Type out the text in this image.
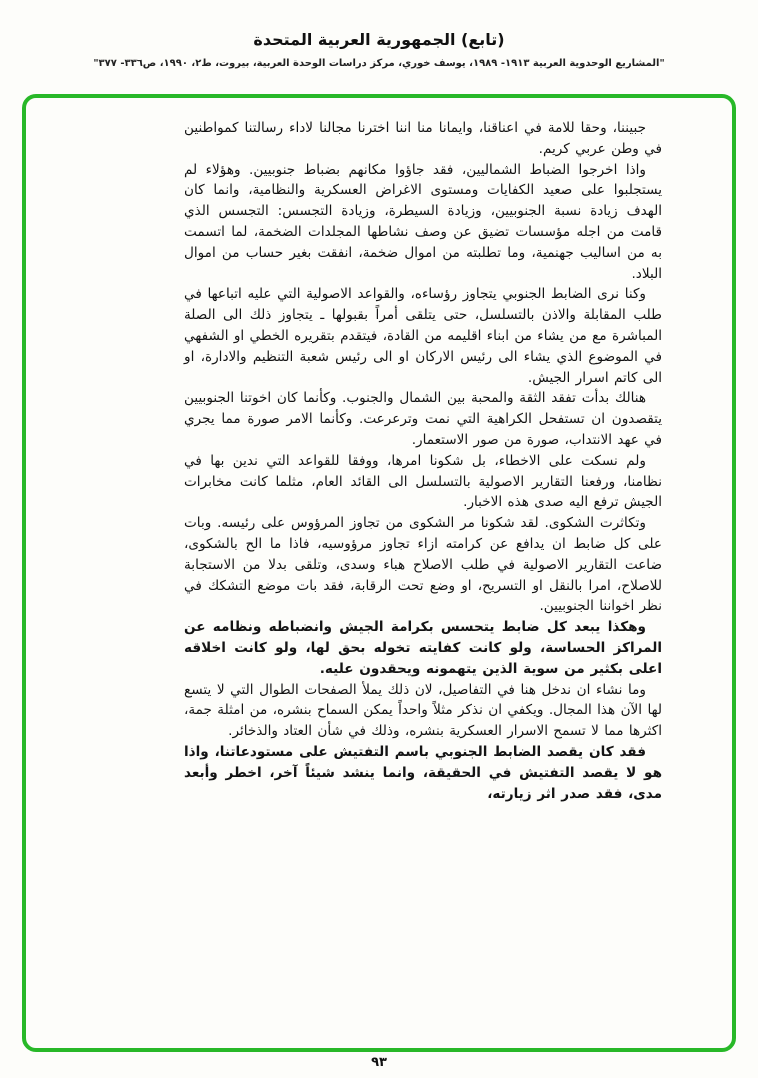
(تابع) الجمهورية العربية المتحدة
"المشاريع الوحدوية العربية ١٩١٣- ١٩٨٩، يوسف خوري، مركز دراسات الوحدة العربية، بيروت، ط٢، ١٩٩٠، ص٣٣٦- ٣٧٧"

جبيننا، وحقا للامة في اعناقنا، وايمانا منا اننا اخترنا مجالنا لاداء رسالتنا كمواطنين في وطن عربي كريم.

واذا اخرجوا الضباط الشماليين، فقد جاؤوا مكانهم بضباط جنوبيين. وهؤلاء لم يستجلبوا على صعيد الكفايات ومستوى الاغراض العسكرية والنظامية، وانما كان الهدف زيادة نسبة الجنوبيين، وزيادة السيطرة، وزيادة التجسس: التجسس الذي قامت من اجله مؤسسات تضيق عن وصف نشاطها المجلدات الضخمة، لما اتسمت به من اساليب جهنمية، وما تطلبته من اموال ضخمة، انفقت بغير حساب من اموال البلاد.

وكنا نرى الضابط الجنوبي يتجاوز رؤساءه، والقواعد الاصولية التي عليه اتباعها في طلب المقابلة والاذن بالتسلسل، حتى يتلقى أمراً بقبولها ـ يتجاوز ذلك الى الصلة المباشرة مع من يشاء من ابناء اقليمه من القادة، فيتقدم بتقريره الخطي او الشفهي في الموضوع الذي يشاء الى رئيس الاركان او الى رئيس شعبة التنظيم والادارة، او الى كاتم اسرار الجيش.

هنالك بدأت تفقد الثقة والمحبة بين الشمال والجنوب. وكأنما كان اخوتنا الجنوبيين يتقصدون ان تستفحل الكراهية التي نمت وترعرعت. وكأنما الامر صورة مما يجري في عهد الانتداب، صورة من صور الاستعمار.

ولم نسكت على الاخطاء، بل شكونا امرها، ووفقا للقواعد التي ندين بها في نظامنا، ورفعنا التقارير الاصولية بالتسلسل الى القائد العام، مثلما كانت مخابرات الجيش ترفع اليه صدى هذه الاخبار.

وتكاثرت الشكوى. لقد شكونا مر الشكوى من تجاوز المرؤوس على رئيسه. وبات على كل ضابط ان يدافع عن كرامته ازاء تجاوز مرؤوسيه، فاذا ما الح بالشكوى، ضاعت التقارير الاصولية في طلب الاصلاح هباء وسدى، وتلقى بدلا من الاستجابة للاصلاح، امرا بالنقل او التسريح، او وضع تحت الرقابة، فقد بات موضع التشكك في نظر اخواننا الجنوبيين.

وهكذا يبعد كل ضابط يتحسس بكرامة الجيش وانضباطه ونظامه عن المراكز الحساسة، ولو كانت كفايته تخوله بحق لها، ولو كانت اخلاقه اعلى بكثير من سوية الذين يتهمونه ويحقدون عليه.

وما نشاء ان ندخل هنا في التفاصيل، لان ذلك يملأ الصفحات الطوال التي لا يتسع لها الآن هذا المجال. ويكفي ان نذكر مثلاً واحداً يمكن السماح بنشره، من امثلة جمة، اكثرها مما لا تسمح الاسرار العسكرية بنشره، وذلك في شأن العتاد والذخائر.

فقد كان يقصد الضابط الجنوبي باسم التفتيش على مستودعاتنا، واذا هو لا يقصد التفتيش في الحقيقة، وانما ينشد شيئاً آخر، اخطر وأبعد مدى، فقد صدر اثر زيارته،

٩٣
